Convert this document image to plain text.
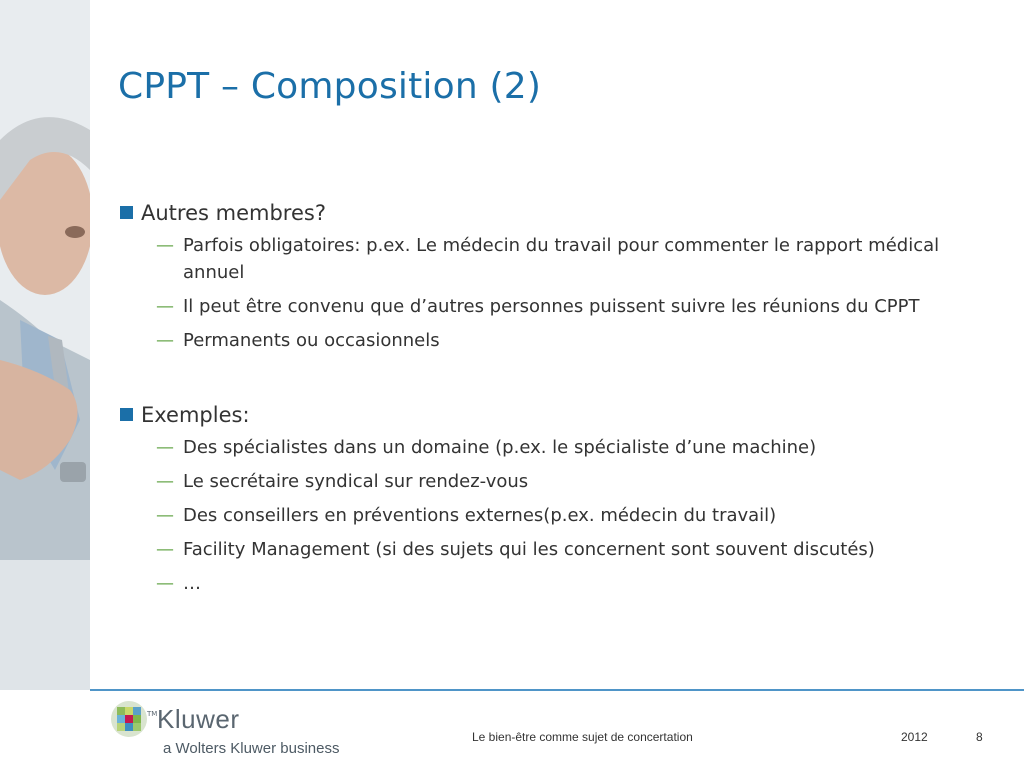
CPPT – Composition (2)
Autres membres?
— Parfois obligatoires: p.ex. Le médecin du travail pour commenter le rapport médical annuel
— Il peut être convenu que d’autres personnes puissent suivre les réunions du CPPT
— Permanents ou occasionnels
Exemples:
— Des spécialistes dans un domaine (p.ex. le spécialiste d’une machine)
— Le secrétaire syndical sur rendez-vous
— Des conseillers en préventions externes(p.ex. médecin du travail)
— Facility Management (si des sujets qui les concernent sont souvent discutés)
— …
TM Kluwer
a Wolters Kluwer business
Le bien-être comme sujet de concertation	2012	8
